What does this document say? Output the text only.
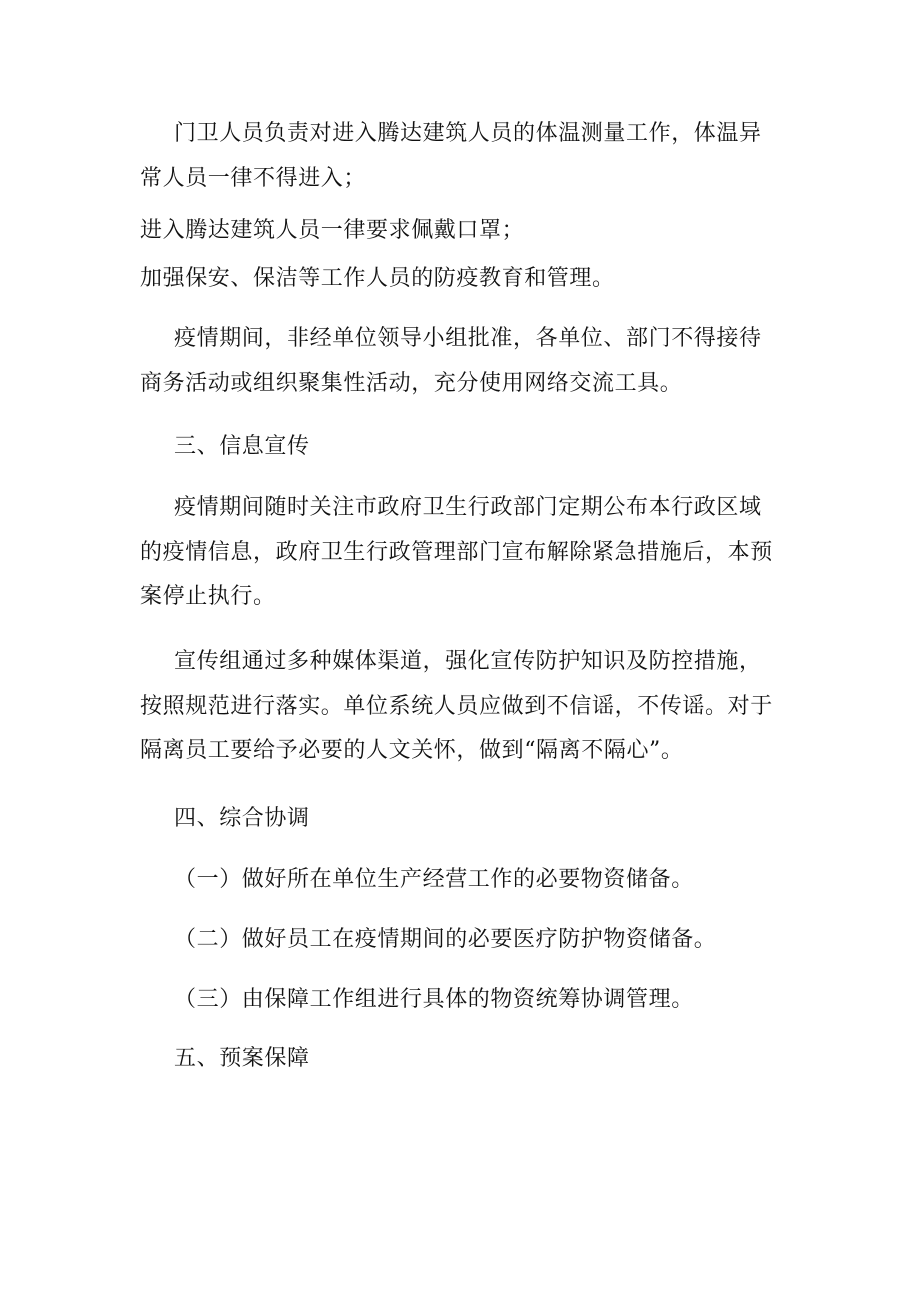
门卫人员负责对进入腾达建筑人员的体温测量工作，体温异
常人员一律不得进入；

进入腾达建筑人员一律要求佩戴口罩；

加强保安、保洁等工作人员的防疫教育和管理。

疫情期间，非经单位领导小组批准，各单位、部门不得接待
商务活动或组织聚集性活动，充分使用网络交流工具。

三、信息宣传

疫情期间随时关注市政府卫生行政部门定期公布本行政区域
的疫情信息，政府卫生行政管理部门宣布解除紧急措施后，本预
案停止执行。

宣传组通过多种媒体渠道，强化宣传防护知识及防控措施，
按照规范进行落实。单位系统人员应做到不信谣，不传谣。对于
隔离员工要给予必要的人文关怀，做到“隔离不隔心”。

四、综合协调

（一）做好所在单位生产经营工作的必要物资储备。

（二）做好员工在疫情期间的必要医疗防护物资储备。

（三）由保障工作组进行具体的物资统筹协调管理。

五、预案保障
